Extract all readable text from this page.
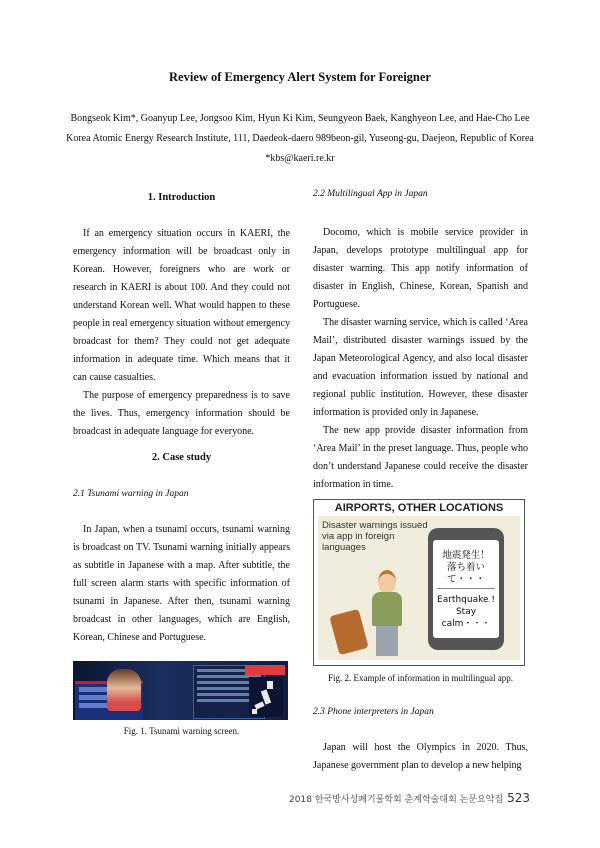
Review of Emergency Alert System for Foreigner
Bongseok Kim*, Goanyup Lee, Jongsoo Kim, Hyun Ki Kim, Seungyeon Baek, Kanghyeon Lee, and Hae-Cho Lee
Korea Atomic Energy Research Institute, 111, Daedeok-daero 989beon-gil, Yuseong-gu, Daejeon, Republic of Korea
*kbs@kaeri.re.kr
1. Introduction

If an emergency situation occurs in KAERI, the emergency information will be broadcast only in Korean. However, foreigners who are work or research in KAERI is about 100. And they could not understand Korean well. What would happen to these people in real emergency situation without emergency broadcast for them? They could not get adequate information in adequate time. Which means that it can cause casualties.

The purpose of emergency preparedness is to save the lives. Thus, emergency information should be broadcast in adequate language for everyone.

2. Case study
2.1 Tsunami warning in Japan

In Japan, when a tsunami occurs, tsunami warning is broadcast on TV. Tsunami warning initially appears as subtitle in Japanese with a map. After subtitle, the full screen alarm starts with specific information of tsunami in Japanese. After then, tsunami warning broadcast in other languages, which are English, Korean, Chinese and Portuguese.

Fig. 1. Tsunami warning screen.
2.2 Multilingual App in Japan

Docomo, which is mobile service provider in Japan, develops prototype multilingual app for disaster warning. This app notify information of disaster in English, Chinese, Korean, Spanish and Portuguese.

The disaster warning service, which is called ‘Area Mail’, distributed disaster warnings issued by the Japan Meteorological Agency, and also local disaster and evacuation information issued by national and regional public institution. However, these disaster information is provided only in Japanese.

The new app provide disaster information from ‘Area Mail’ in the preset language. Thus, people who don’t understand Japanese could receive the disaster information in time.

AIRPORTS, OTHER LOCATIONS
Disaster warnings issued via app in foreign languages
地震発生！
落ち着いて・・・
Earthquake !
Stay calm・・・
Fig. 2. Example of information in multilingual app.
2.3 Phone interpreters in Japan

Japan will host the Olympics in 2020. Thus, Japanese government plan to develop a new helping

2018 한국방사성폐기물학회 춘계학술대회 논문요약집 523
